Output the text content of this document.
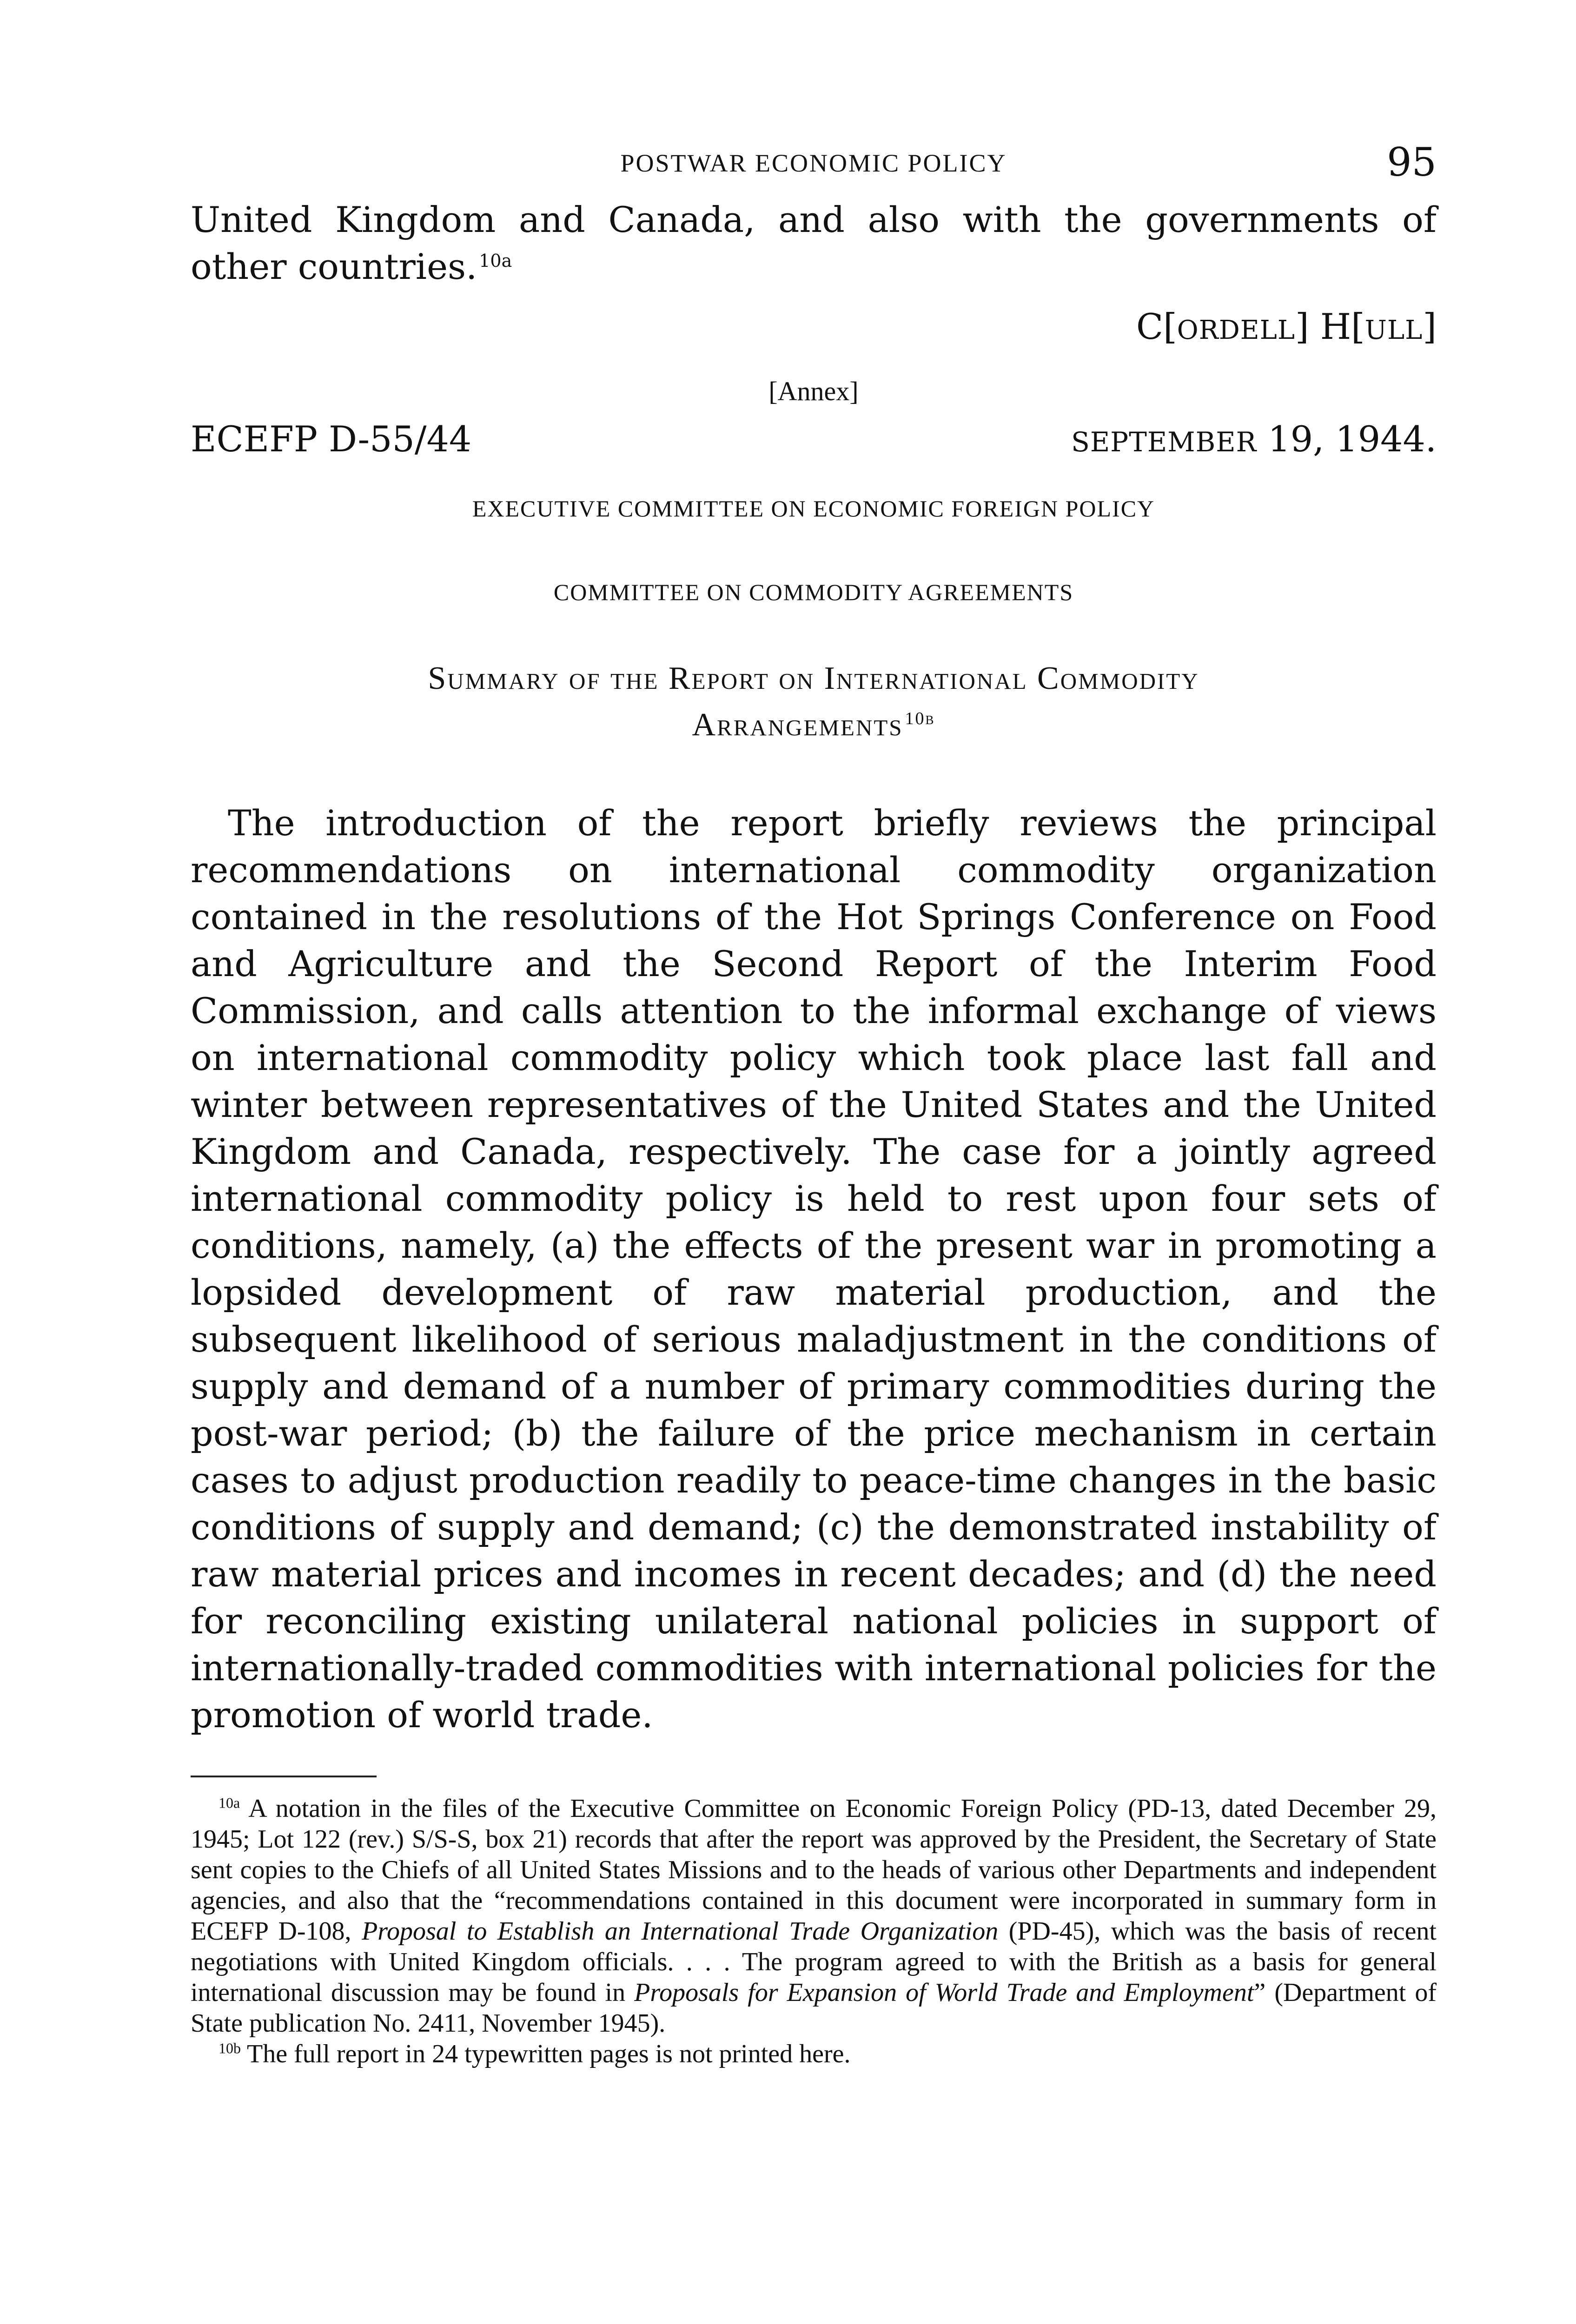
POSTWAR ECONOMIC POLICY	95

United Kingdom and Canada, and also with the governments of other countries. $^{10a}$

C[ORDELL] H[ULL]
[Annex]
ECEFP D-55/44	SEPTEMBER 19, 1944.
EXECUTIVE COMMITTEE ON ECONOMIC FOREIGN POLICY
COMMITTEE ON COMMODITY AGREEMENTS
Summary of the Report on International Commodity
Arrangements $^{10b}$

The introduction of the report briefly reviews the principal recommendations on international commodity organization contained in the resolutions of the Hot Springs Conference on Food and Agriculture and the Second Report of the Interim Food Commission, and calls attention to the informal exchange of views on international commodity policy which took place last fall and winter between representatives of the United States and the United Kingdom and Canada, respectively. The case for a jointly agreed international commodity policy is held to rest upon four sets of conditions, namely, (a) the effects of the present war in promoting a lopsided development of raw material production, and the subsequent likelihood of serious maladjustment in the conditions of supply and demand of a number of primary commodities during the post-war period; (b) the failure of the price mechanism in certain cases to adjust production readily to peace-time changes in the basic conditions of supply and demand; (c) the demonstrated instability of raw material prices and incomes in recent decades; and (d) the need for reconciling existing unilateral national policies in support of internationally-traded commodities with international policies for the promotion of world trade.

$^{10a}$ A notation in the files of the Executive Committee on Economic Foreign Policy (PD-13, dated December 29, 1945; Lot 122 (rev.) S/S-S, box 21) records that after the report was approved by the President, the Secretary of State sent copies to the Chiefs of all United States Missions and to the heads of various other Departments and independent agencies, and also that the “recommendations contained in this document were incorporated in summary form in ECEFP D-108, Proposal to Establish an International Trade Organization (PD-45), which was the basis of recent negotiations with United Kingdom officials. . . . The program agreed to with the British as a basis for general international discussion may be found in Proposals for Expansion of World Trade and Employment” (Department of State publication No. 2411, November 1945).

$^{10b}$ The full report in 24 typewritten pages is not printed here.
